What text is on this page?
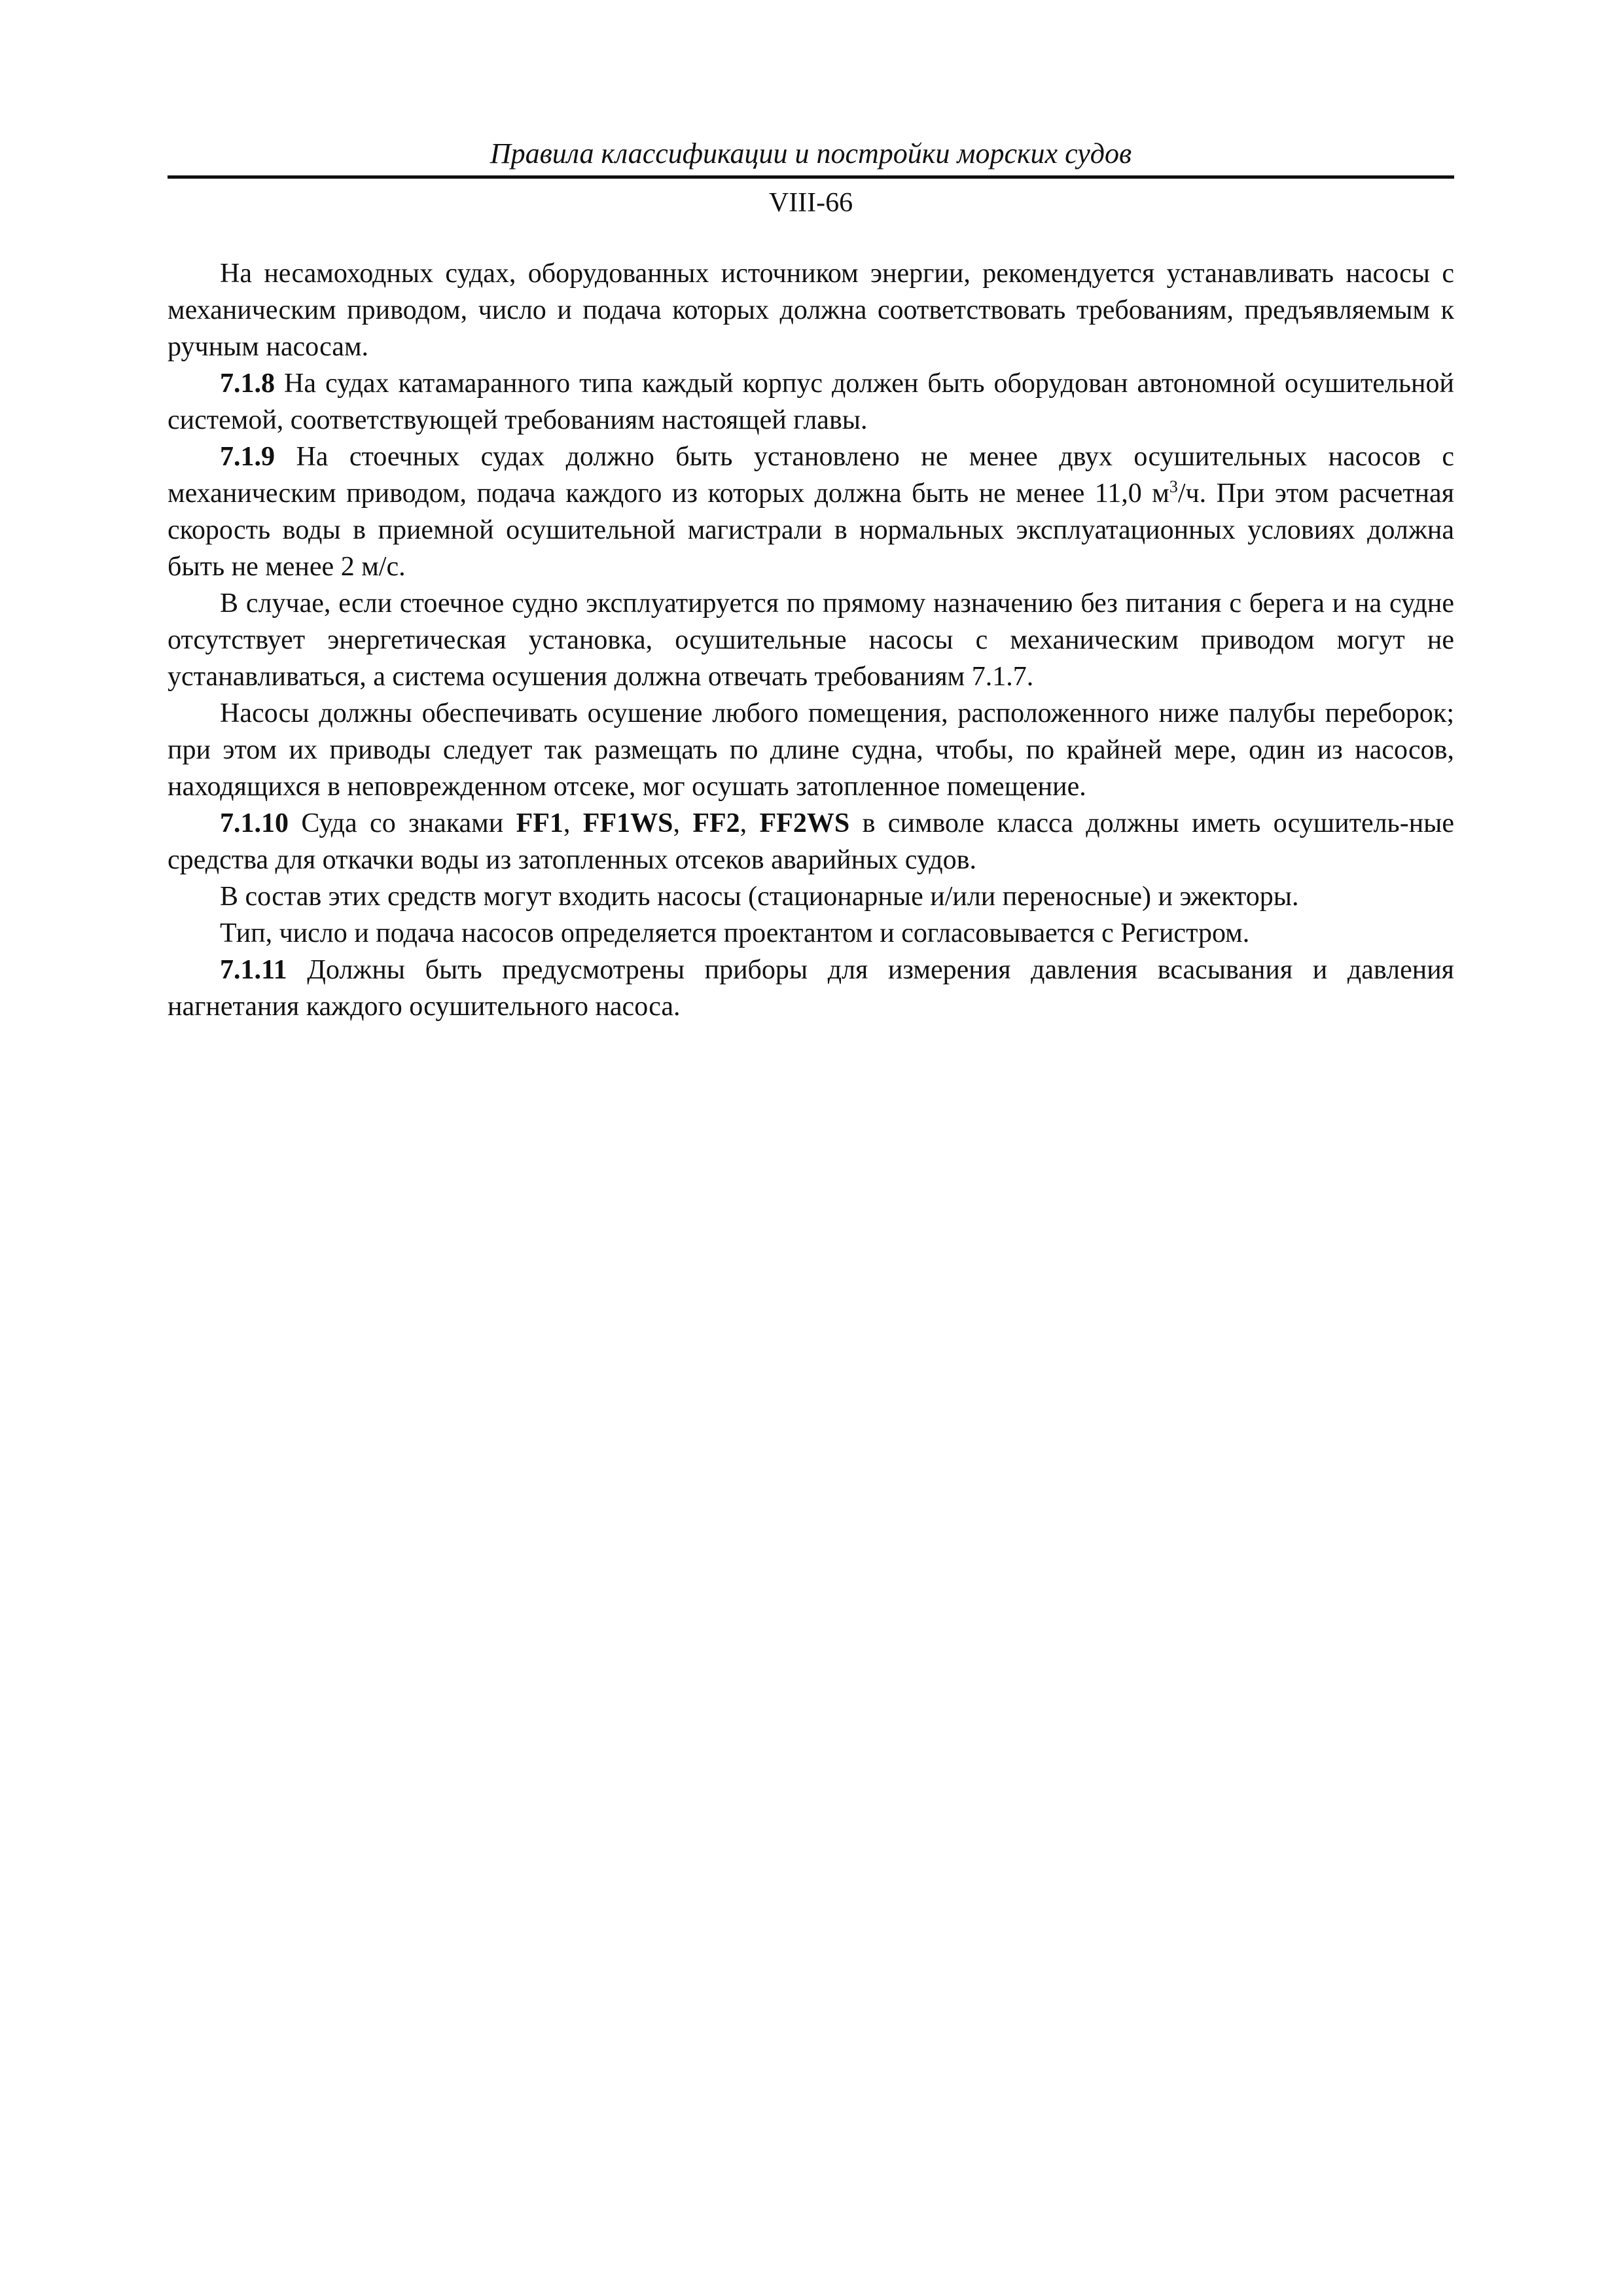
Правила классификации и постройки морских судов
VIII-66

На несамоходных судах, оборудованных источником энергии, рекомендуется устанавливать насосы с механическим приводом, число и подача которых должна соответствовать требованиям, предъявляемым к ручным насосам.

7.1.8 На судах катамаранного типа каждый корпус должен быть оборудован автономной осушительной системой, соответствующей требованиям настоящей главы.

7.1.9 На стоечных судах должно быть установлено не менее двух осушительных насосов с механическим приводом, подача каждого из которых должна быть не менее 11,0 $м^3/ч$. При этом расчетная скорость воды в приемной осушительной магистрали в нормальных эксплуатационных условиях должна быть не менее 2 м/с.

В случае, если стоечное судно эксплуатируется по прямому назначению без питания с берега и на судне отсутствует энергетическая установка, осушительные насосы с механическим приводом могут не устанавливаться, а система осушения должна отвечать требованиям 7.1.7.

Насосы должны обеспечивать осушение любого помещения, расположенного ниже палубы переборок; при этом их приводы следует так размещать по длине судна, чтобы, по крайней мере, один из насосов, находящихся в неповрежденном отсеке, мог осушать затопленное помещение.

7.1.10 Суда со знаками FF1, FF1WS, FF2, FF2WS в символе класса должны иметь осушитель-ные средства для откачки воды из затопленных отсеков аварийных судов.

В состав этих средств могут входить насосы (стационарные и/или переносные) и эжекторы.

Тип, число и подача насосов определяется проектантом и согласовывается с Регистром.

7.1.11 Должны быть предусмотрены приборы для измерения давления всасывания и давления нагнетания каждого осушительного насоса.
